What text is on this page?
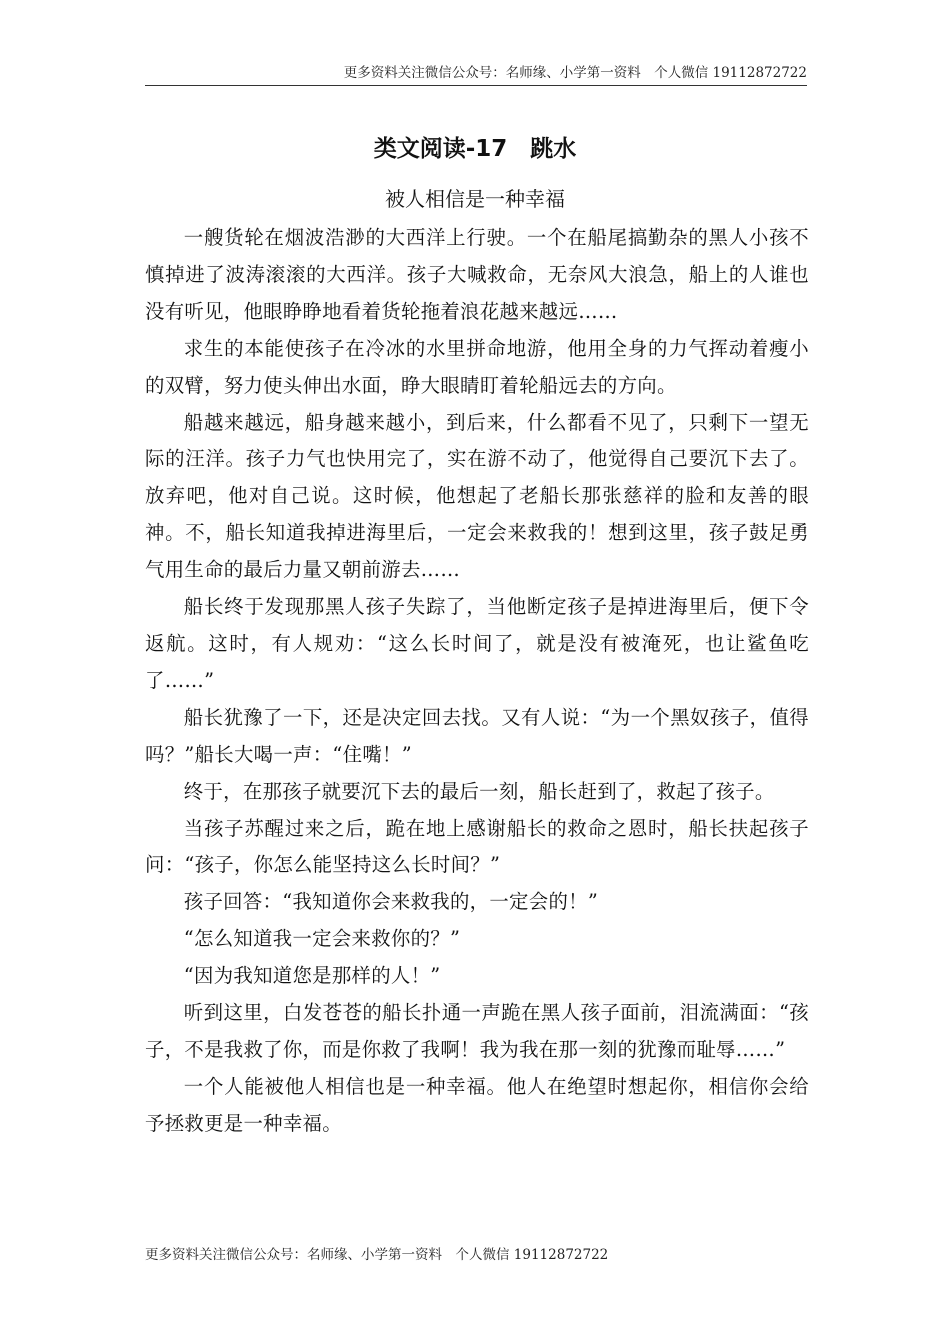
更多资料关注微信公众号：名师缘、小学第一资料　个人微信 19112872722
类文阅读-17　跳水
被人相信是一种幸福

一艘货轮在烟波浩渺的大西洋上行驶。一个在船尾搞勤杂的黑人小孩不慎掉进了波涛滚滚的大西洋。孩子大喊救命，无奈风大浪急，船上的人谁也没有听见，他眼睁睁地看着货轮拖着浪花越来越远……

求生的本能使孩子在冷冰的水里拼命地游，他用全身的力气挥动着瘦小的双臂，努力使头伸出水面，睁大眼睛盯着轮船远去的方向。

船越来越远，船身越来越小，到后来，什么都看不见了，只剩下一望无际的汪洋。孩子力气也快用完了，实在游不动了，他觉得自己要沉下去了。放弃吧，他对自己说。这时候，他想起了老船长那张慈祥的脸和友善的眼神。不，船长知道我掉进海里后，一定会来救我的！想到这里，孩子鼓足勇气用生命的最后力量又朝前游去……

船长终于发现那黑人孩子失踪了，当他断定孩子是掉进海里后，便下令返航。这时，有人规劝：“这么长时间了，就是没有被淹死，也让鲨鱼吃了……”

船长犹豫了一下，还是决定回去找。又有人说：“为一个黑奴孩子，值得吗？”船长大喝一声：“住嘴！”

终于，在那孩子就要沉下去的最后一刻，船长赶到了，救起了孩子。

当孩子苏醒过来之后，跪在地上感谢船长的救命之恩时，船长扶起孩子问：“孩子，你怎么能坚持这么长时间？”

孩子回答：“我知道你会来救我的，一定会的！”

“怎么知道我一定会来救你的？”

“因为我知道您是那样的人！”

听到这里，白发苍苍的船长扑通一声跪在黑人孩子面前，泪流满面：“孩子，不是我救了你，而是你救了我啊！我为我在那一刻的犹豫而耻辱……”

一个人能被他人相信也是一种幸福。他人在绝望时想起你，相信你会给予拯救更是一种幸福。

更多资料关注微信公众号：名师缘、小学第一资料　个人微信 19112872722
